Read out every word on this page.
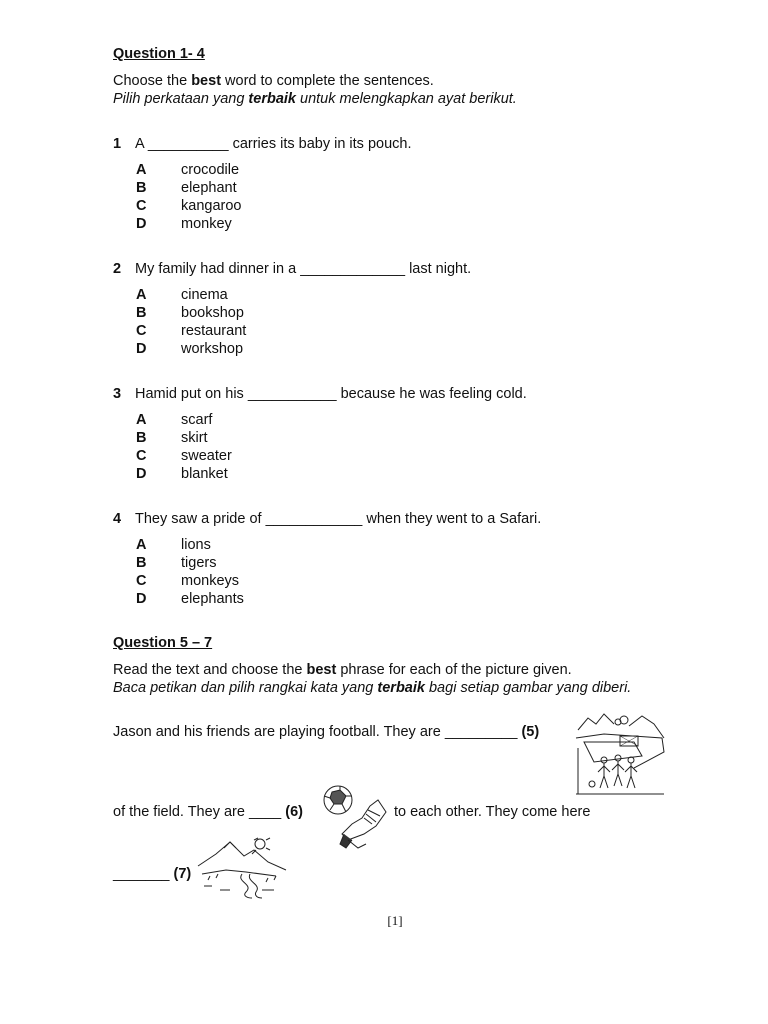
Question 1- 4
Choose the best word to complete the sentences.
Pilih perkataan yang terbaik untuk melengkapkan ayat berikut.
1 A __________ carries its baby in its pouch.
A crocodile
B elephant
C kangaroo
D monkey
2 My family had dinner in a _____________ last night.
A cinema
B bookshop
C restaurant
D workshop
3 Hamid put on his ___________ because he was feeling cold.
A scarf
B skirt
C sweater
D blanket
4 They saw a pride of ____________ when they went to a Safari.
A lions
B tigers
C monkeys
D elephants
Question 5 – 7
Read the text and choose the best phrase for each of the picture given.
Baca petikan dan pilih rangkai kata yang terbaik bagi setiap gambar yang diberi.
Jason and his friends are playing football. They are _________ (5)
of the field. They are ____ (6)	to each other. They come here
_______ (7)
[1]
